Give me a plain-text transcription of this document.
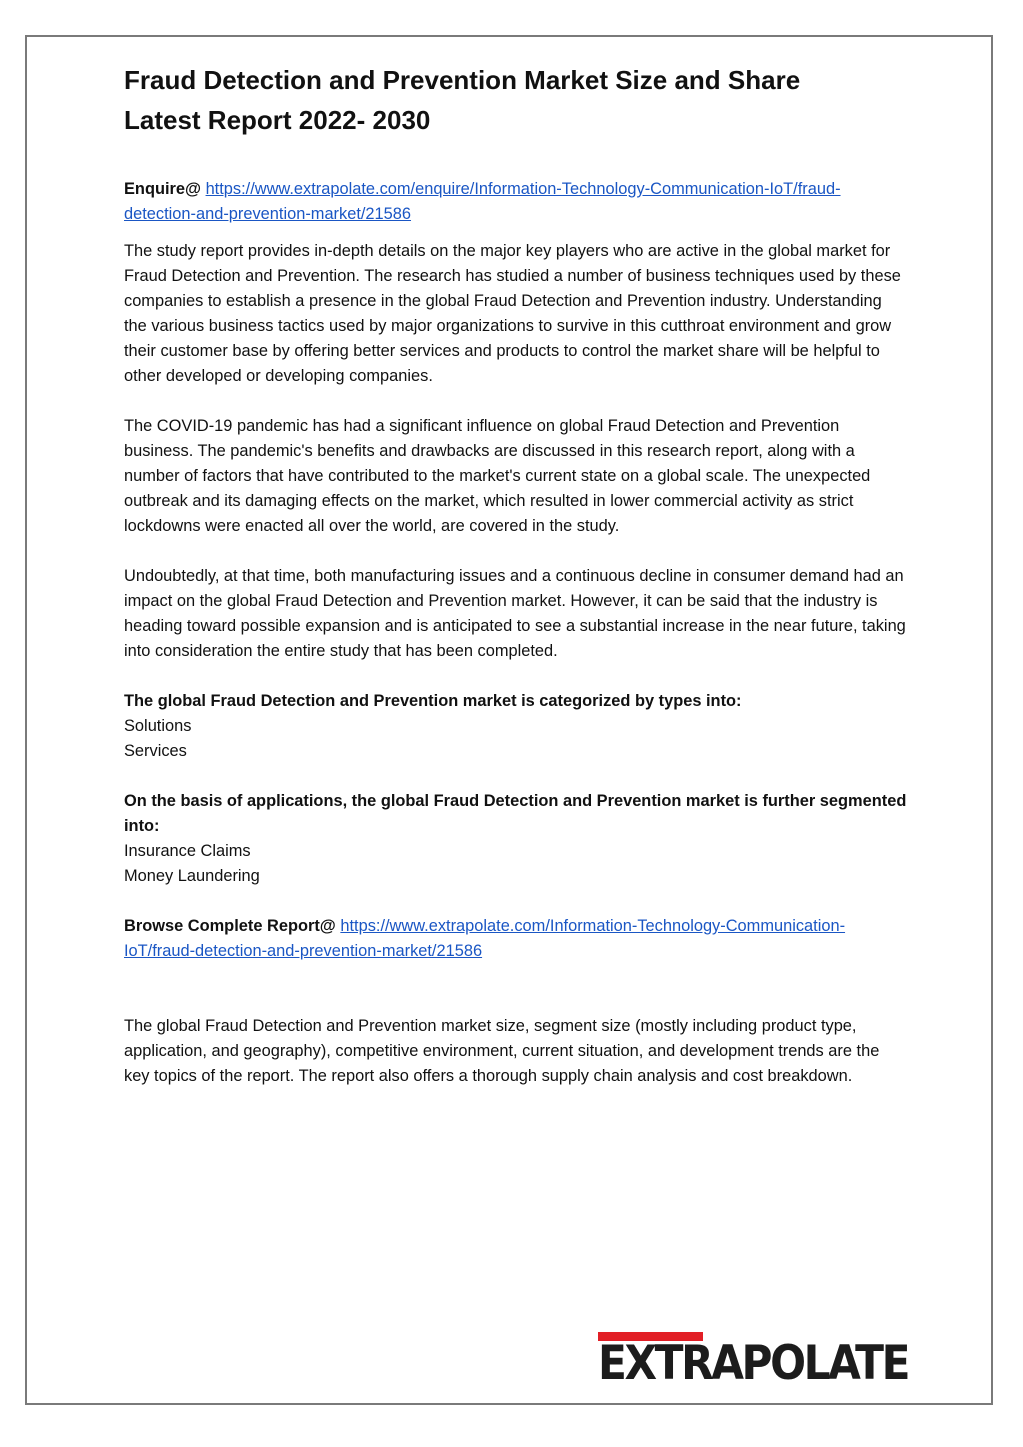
Fraud Detection and Prevention Market Size and Share
Latest Report 2022- 2030
Enquire@ https://www.extrapolate.com/enquire/Information-Technology-Communication-IoT/fraud-detection-and-prevention-market/21586

The study report provides in-depth details on the major key players who are active in the global market for Fraud Detection and Prevention. The research has studied a number of business techniques used by these companies to establish a presence in the global Fraud Detection and Prevention industry. Understanding the various business tactics used by major organizations to survive in this cutthroat environment and grow their customer base by offering better services and products to control the market share will be helpful to other developed or developing companies.

The COVID-19 pandemic has had a significant influence on global Fraud Detection and Prevention business. The pandemic's benefits and drawbacks are discussed in this research report, along with a number of factors that have contributed to the market's current state on a global scale. The unexpected outbreak and its damaging effects on the market, which resulted in lower commercial activity as strict lockdowns were enacted all over the world, are covered in the study.

Undoubtedly, at that time, both manufacturing issues and a continuous decline in consumer demand had an impact on the global Fraud Detection and Prevention market. However, it can be said that the industry is heading toward possible expansion and is anticipated to see a substantial increase in the near future, taking into consideration the entire study that has been completed.

The global Fraud Detection and Prevention market is categorized by types into:

Solutions
Services

On the basis of applications, the global Fraud Detection and Prevention market is further segmented into:

Insurance Claims
Money Laundering
Browse Complete Report@ https://www.extrapolate.com/Information-Technology-Communication-IoT/fraud-detection-and-prevention-market/21586

The global Fraud Detection and Prevention market size, segment size (mostly including product type, application, and geography), competitive environment, current situation, and development trends are the key topics of the report. The report also offers a thorough supply chain analysis and cost breakdown.

EXTRAPOLATE
